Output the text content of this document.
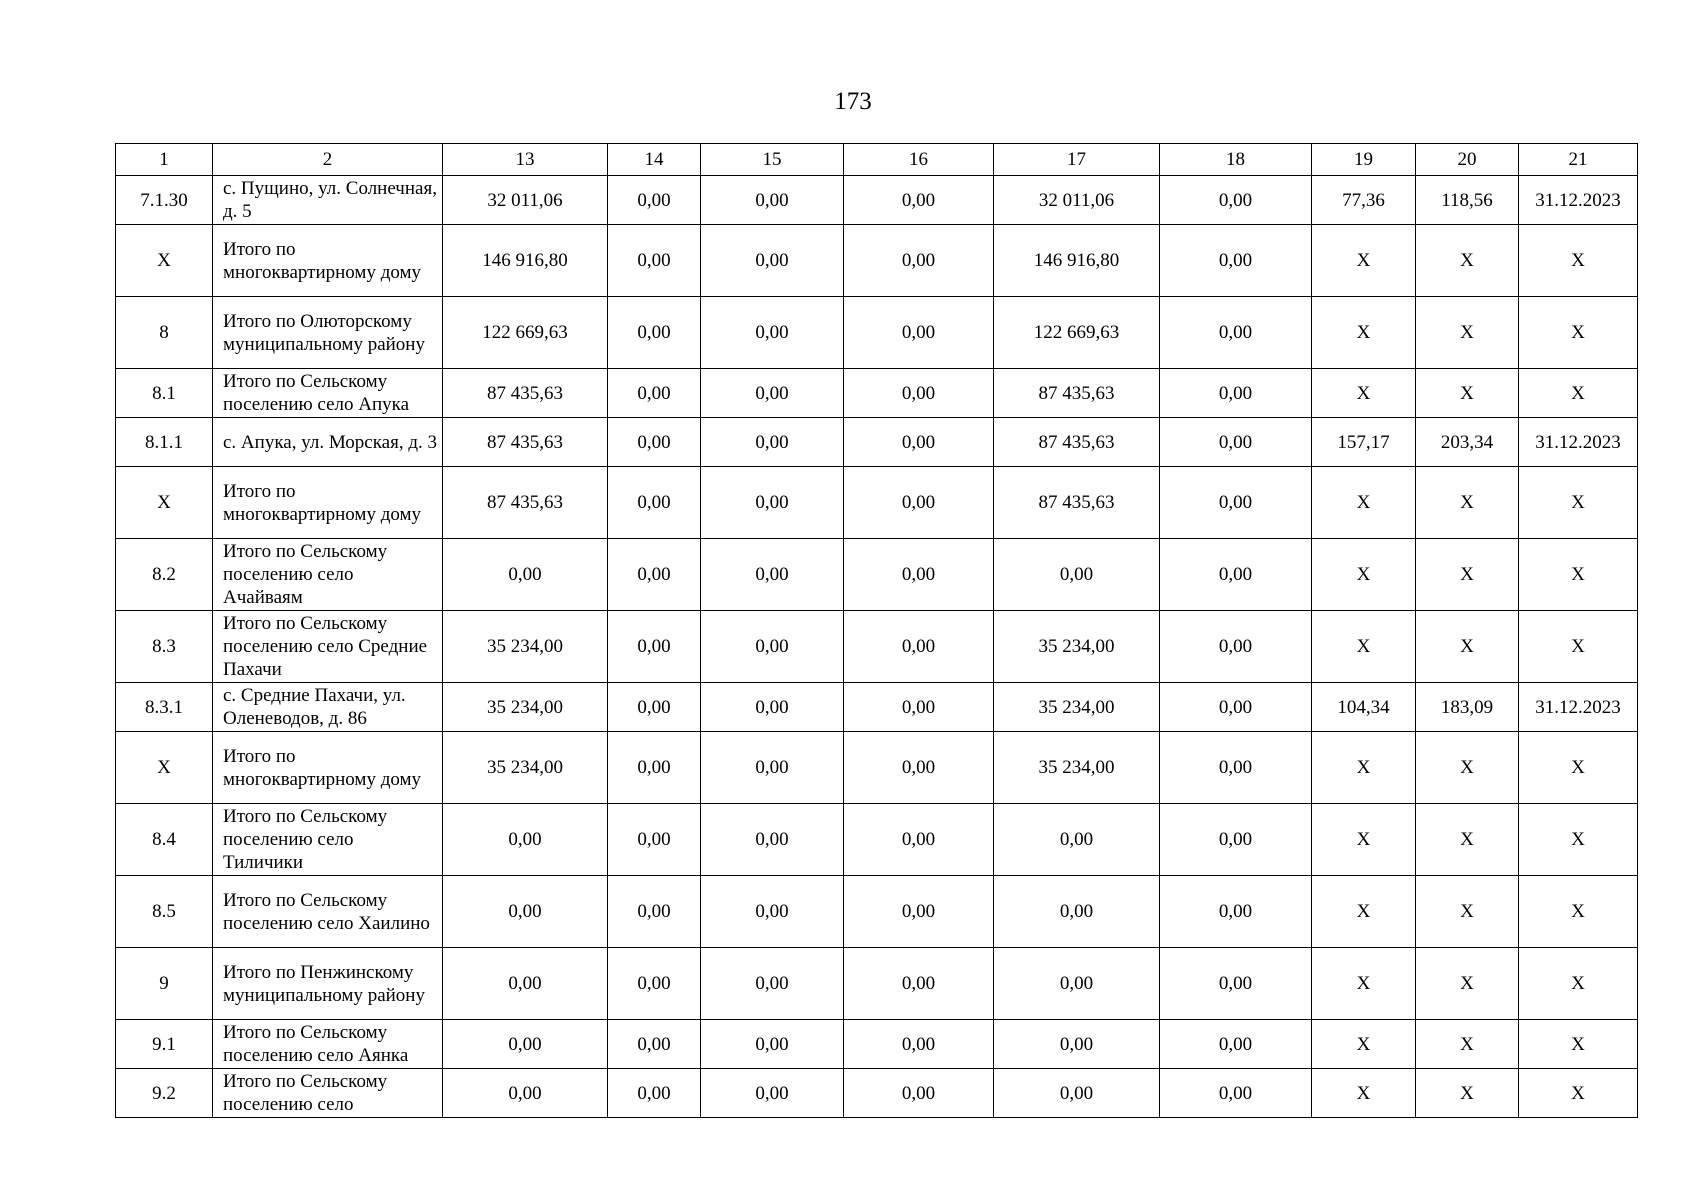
173
1	2	13	14	15	16	17	18	19	20	21
7.1.30	с. Пущино, ул. Солнечная, д. 5	32 011,06	0,00	0,00	0,00	32 011,06	0,00	77,36	118,56	31.12.2023
X	Итого по многоквартирному дому	146 916,80	0,00	0,00	0,00	146 916,80	0,00	X	X	X
8	Итого по Олюторскому муниципальному району	122 669,63	0,00	0,00	0,00	122 669,63	0,00	X	X	X
8.1	Итого по Сельскому поселению село Апука	87 435,63	0,00	0,00	0,00	87 435,63	0,00	X	X	X
8.1.1	с. Апука, ул. Морская, д. 3	87 435,63	0,00	0,00	0,00	87 435,63	0,00	157,17	203,34	31.12.2023
X	Итого по многоквартирному дому	87 435,63	0,00	0,00	0,00	87 435,63	0,00	X	X	X
8.2	Итого по Сельскому поселению село Ачайваям	0,00	0,00	0,00	0,00	0,00	0,00	X	X	X
8.3	Итого по Сельскому поселению село Средние Пахачи	35 234,00	0,00	0,00	0,00	35 234,00	0,00	X	X	X
8.3.1	с. Средние Пахачи, ул. Оленеводов, д. 86	35 234,00	0,00	0,00	0,00	35 234,00	0,00	104,34	183,09	31.12.2023
X	Итого по многоквартирному дому	35 234,00	0,00	0,00	0,00	35 234,00	0,00	X	X	X
8.4	Итого по Сельскому поселению село Тиличики	0,00	0,00	0,00	0,00	0,00	0,00	X	X	X
8.5	Итого по Сельскому поселению село Хаилино	0,00	0,00	0,00	0,00	0,00	0,00	X	X	X
9	Итого по Пенжинскому муниципальному району	0,00	0,00	0,00	0,00	0,00	0,00	X	X	X
9.1	Итого по Сельскому поселению село Аянка	0,00	0,00	0,00	0,00	0,00	0,00	X	X	X
9.2	Итого по Сельскому поселению село	0,00	0,00	0,00	0,00	0,00	0,00	X	X	X
